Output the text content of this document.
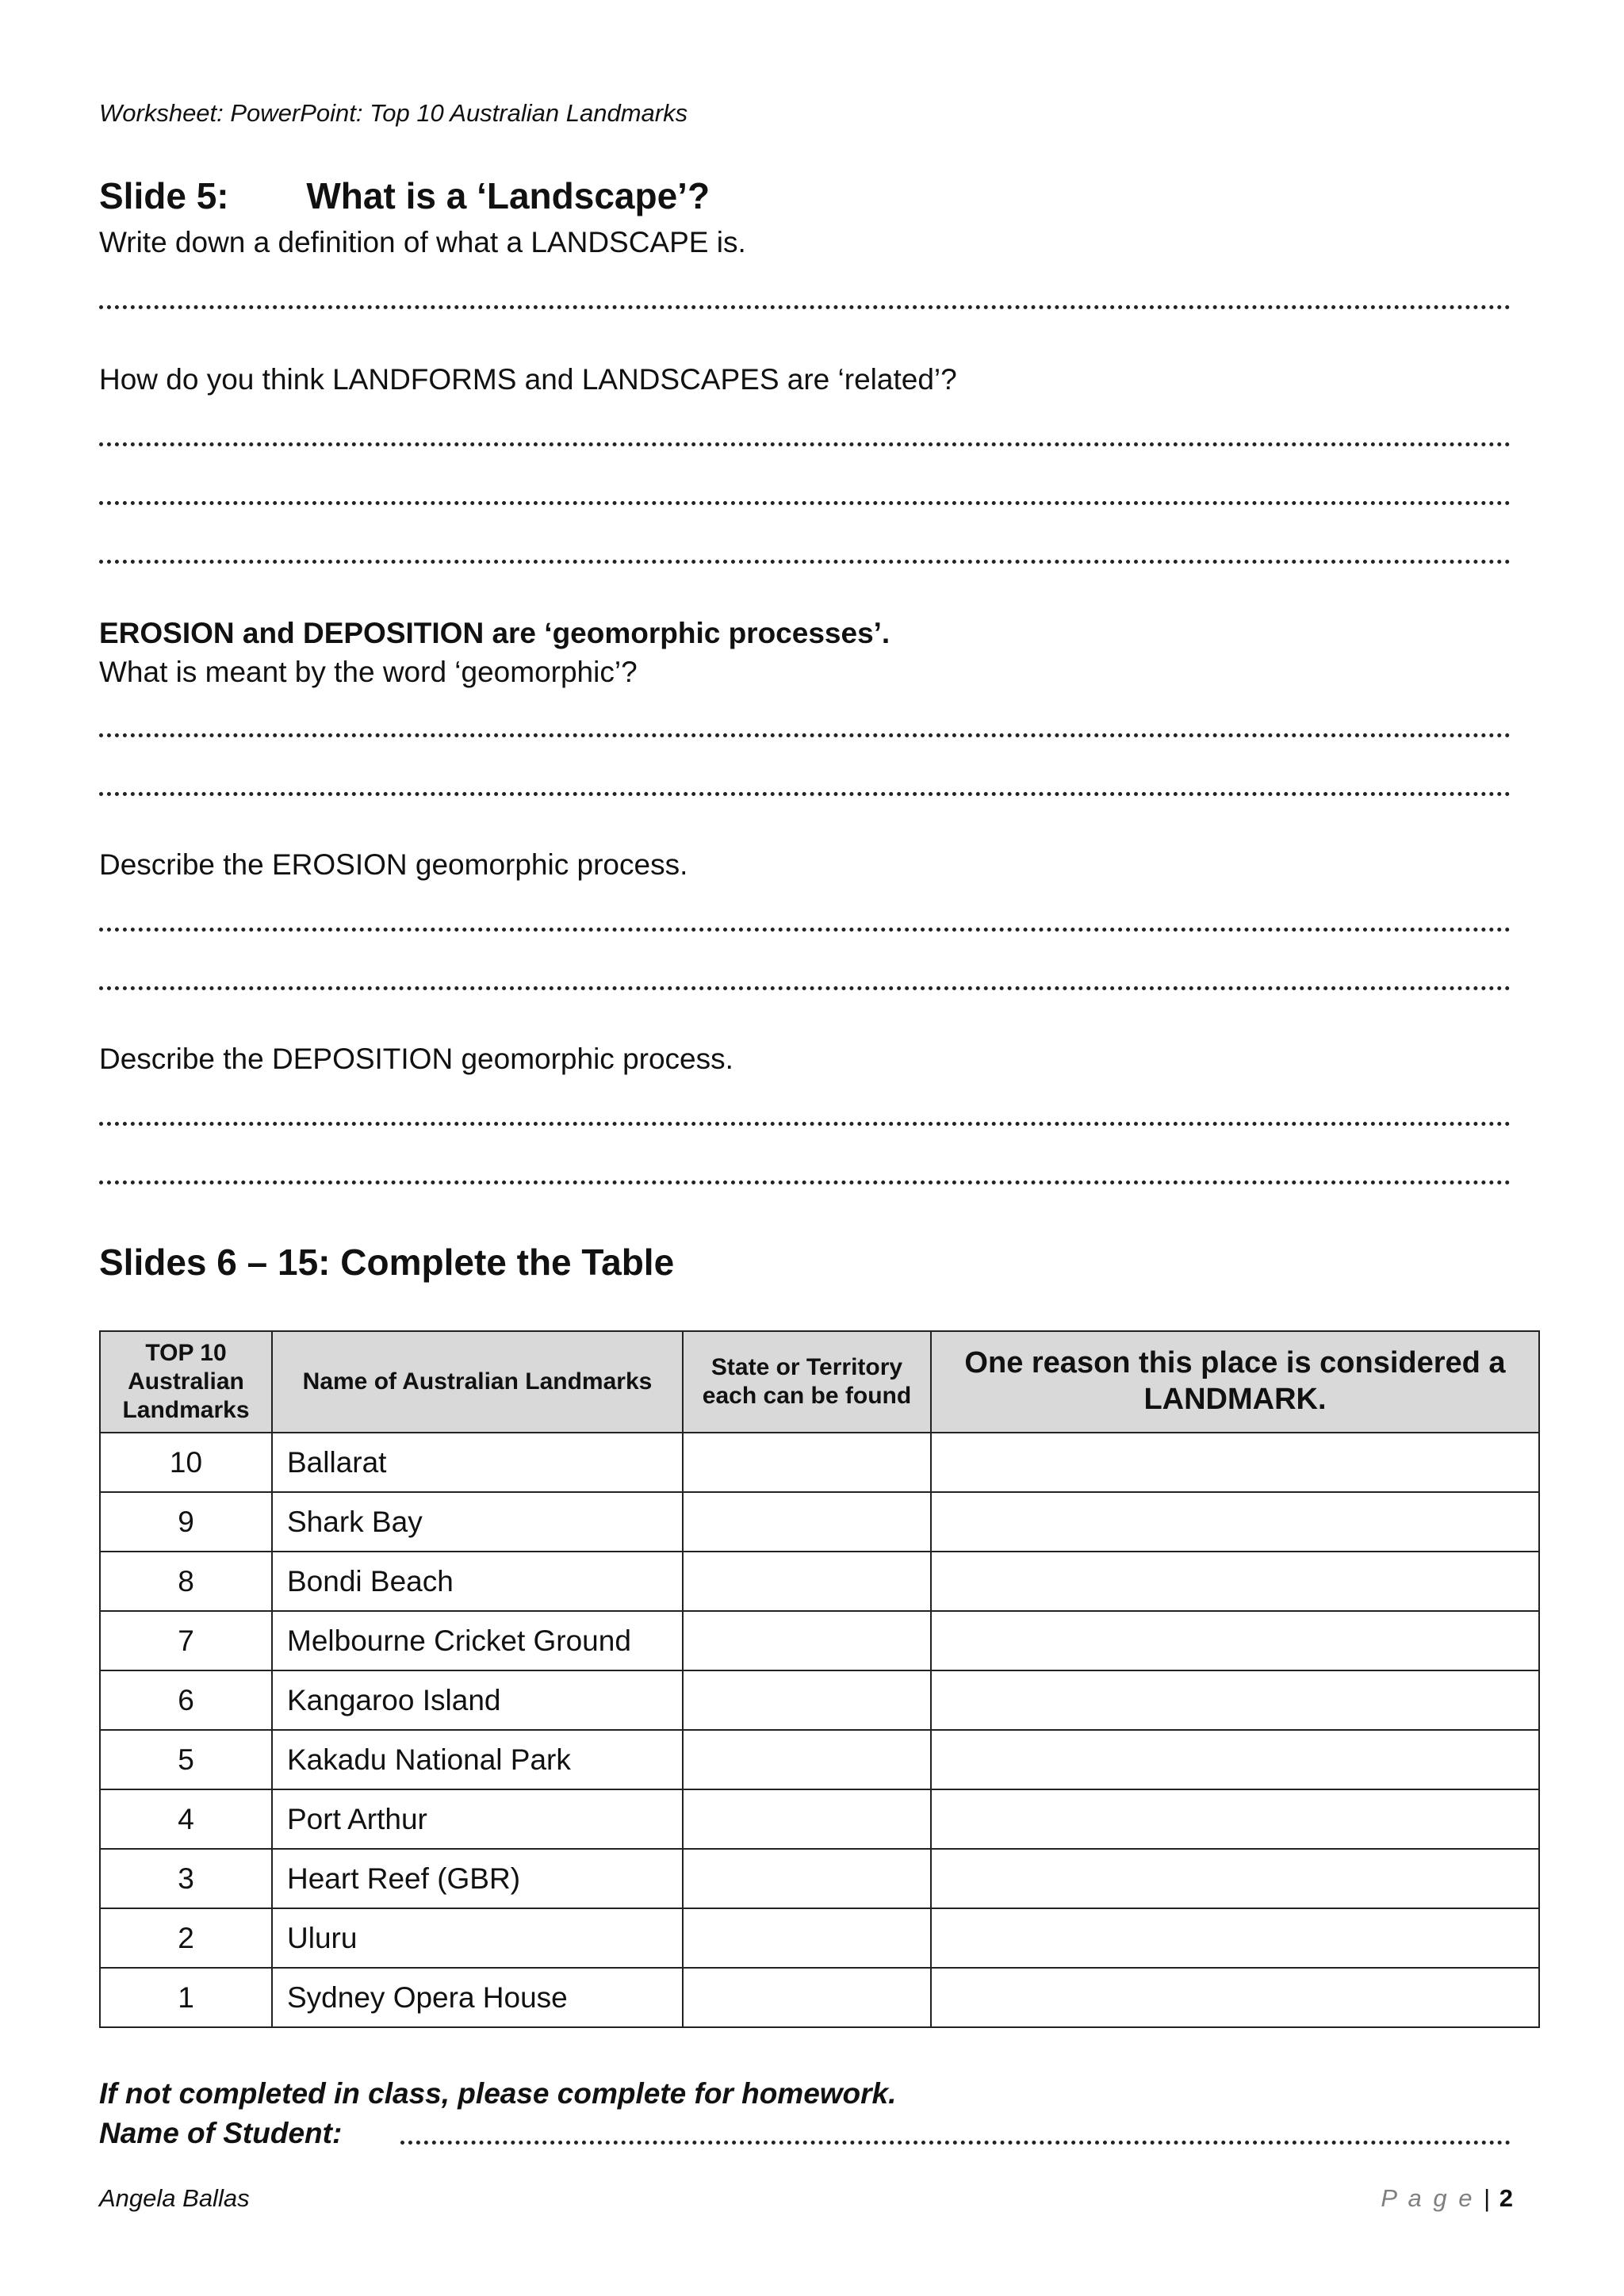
Worksheet: PowerPoint: Top 10 Australian Landmarks
Slide 5: What is a ‘Landscape’?
Write down a definition of what a LANDSCAPE is.
How do you think LANDFORMS and LANDSCAPES are ‘related’?
EROSION and DEPOSITION are ‘geomorphic processes’.
What is meant by the word ‘geomorphic’?
Describe the EROSION geomorphic process.
Describe the DEPOSITION geomorphic process.
Slides 6 – 15: Complete the Table
TOP 10 Australian Landmarks	Name of Australian Landmarks	State or Territory each can be found	One reason this place is considered a LANDMARK.
10	Ballarat		
9	Shark Bay		
8	Bondi Beach		
7	Melbourne Cricket Ground		
6	Kangaroo Island		
5	Kakadu National Park		
4	Port Arthur		
3	Heart Reef (GBR)		
2	Uluru		
1	Sydney Opera House		
If not completed in class, please complete for homework.
Name of Student:
Angela Ballas	P a g e | 2
